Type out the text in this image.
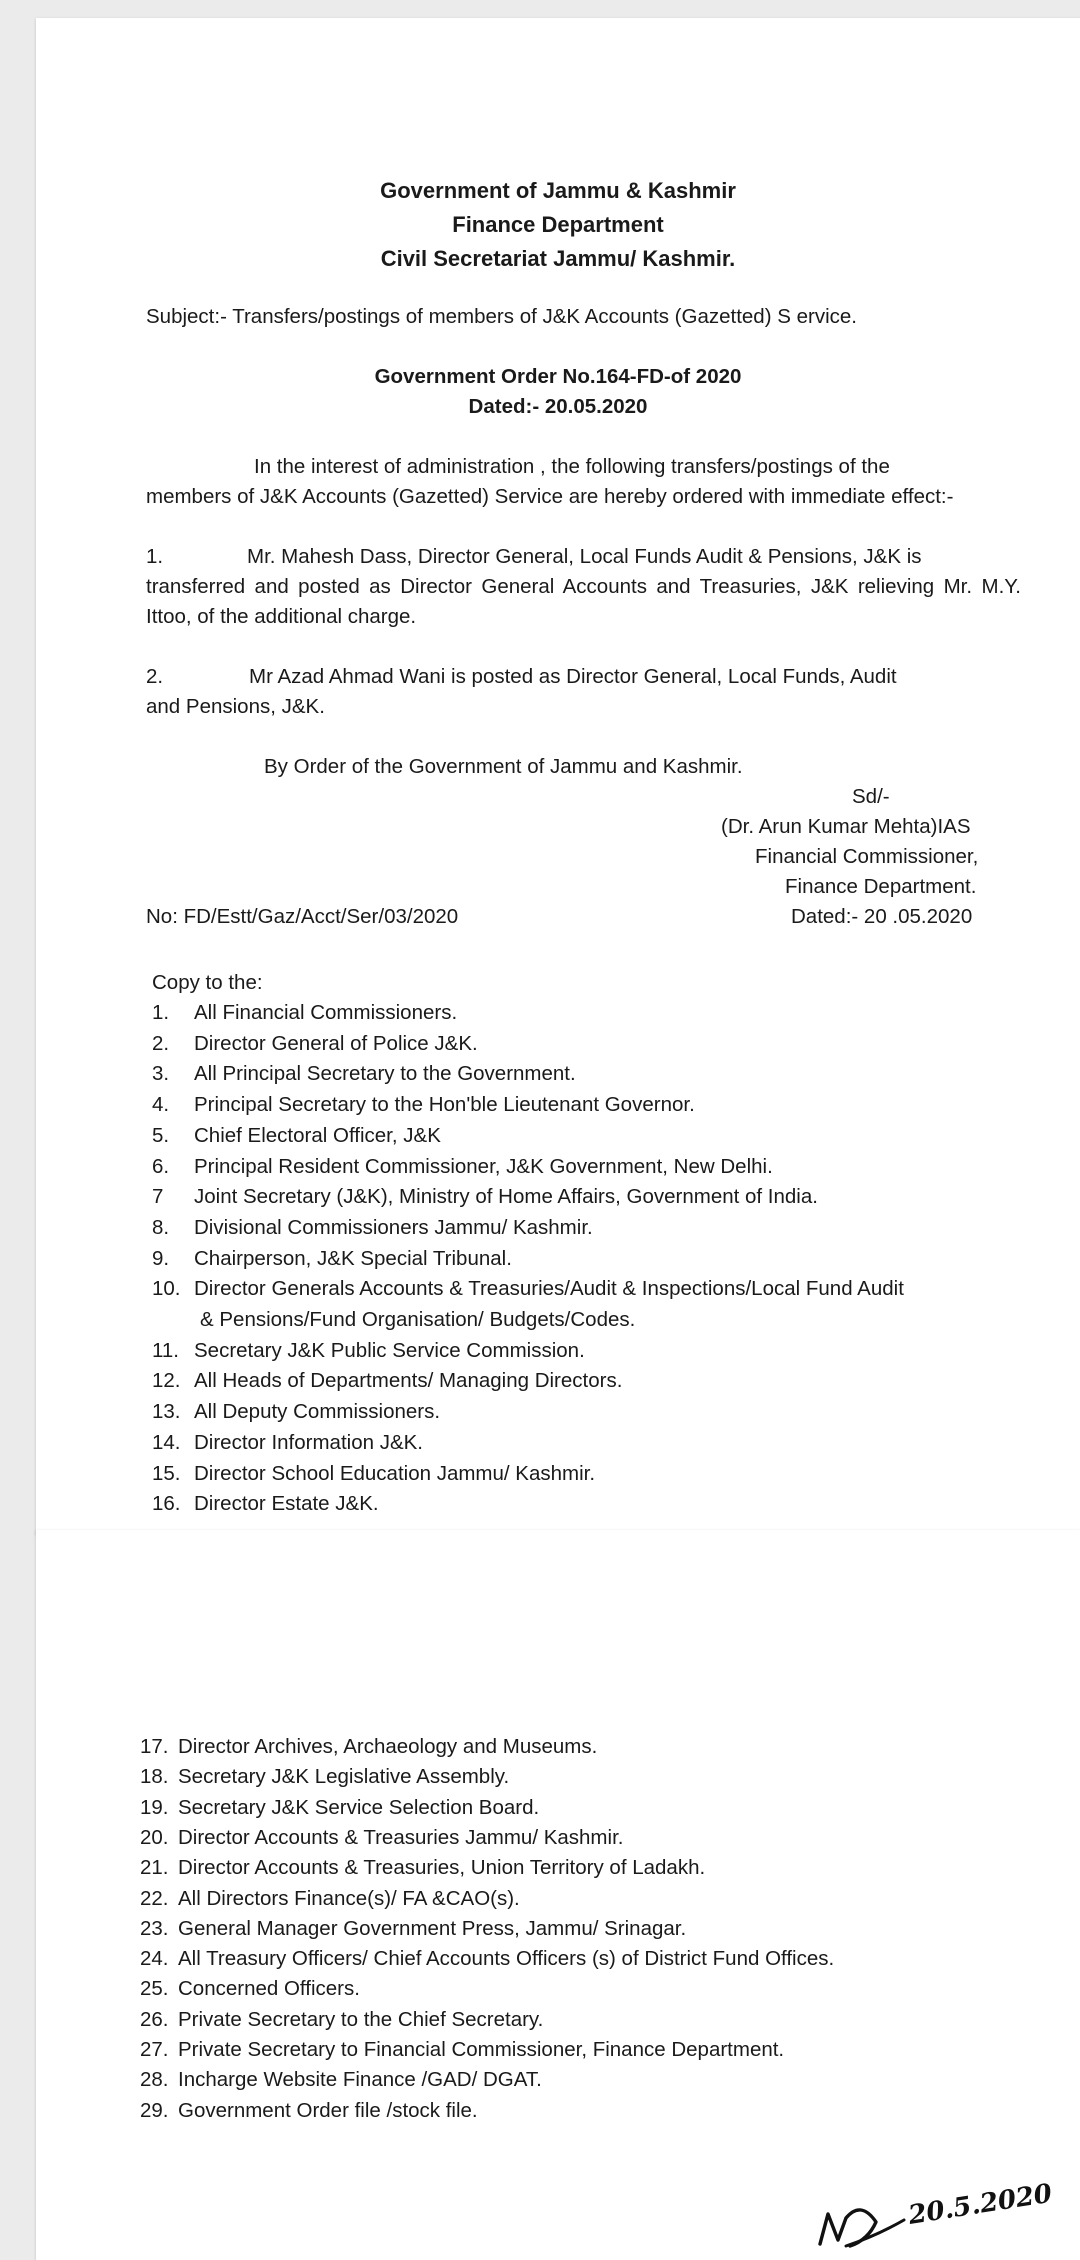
Government of Jammu & Kashmir
Finance Department
Civil Secretariat Jammu/ Kashmir.
Subject:- Transfers/postings of members of J&K Accounts (Gazetted) S ervice.
Government Order No.164-FD-of 2020
Dated:- 20.05.2020
In the interest of administration , the following transfers/postings of the
members of J&K Accounts (Gazetted) Service are hereby ordered with immediate effect:-
1.	Mr. Mahesh Dass, Director General, Local Funds Audit & Pensions, J&K is
transferred and posted as Director General Accounts and Treasuries, J&K relieving Mr. M.Y. Ittoo, of the additional charge.
2.	Mr Azad Ahmad Wani is posted as Director General, Local Funds, Audit
and Pensions, J&K.
By Order of the Government of Jammu and Kashmir.
Sd/-
(Dr. Arun Kumar Mehta)IAS
Financial Commissioner,
Finance Department.
No: FD/Estt/Gaz/Acct/Ser/03/2020	Dated:- 20 .05.2020
Copy to the:
1. All Financial Commissioners.
2. Director General of Police J&K.
3. All Principal Secretary to the Government.
4. Principal Secretary to the Hon'ble Lieutenant Governor.
5. Chief Electoral Officer, J&K
6. Principal Resident Commissioner, J&K Government, New Delhi.
7 Joint Secretary (J&K), Ministry of Home Affairs, Government of India.
8. Divisional Commissioners Jammu/ Kashmir.
9. Chairperson, J&K Special Tribunal.
10. Director Generals Accounts & Treasuries/Audit & Inspections/Local Fund Audit
& Pensions/Fund Organisation/ Budgets/Codes.
11. Secretary J&K Public Service Commission.
12. All Heads of Departments/ Managing Directors.
13. All Deputy Commissioners.
14. Director Information J&K.
15. Director School Education Jammu/ Kashmir.
16. Director Estate J&K.
17. Director Archives, Archaeology and Museums.
18. Secretary J&K Legislative Assembly.
19. Secretary J&K Service Selection Board.
20. Director Accounts & Treasuries Jammu/ Kashmir.
21. Director Accounts & Treasuries, Union Territory of Ladakh.
22. All Directors Finance(s)/ FA &CAO(s).
23. General Manager Government Press, Jammu/ Srinagar.
24. All Treasury Officers/ Chief Accounts Officers (s) of District Fund Offices.
25. Concerned Officers.
26. Private Secretary to the Chief Secretary.
27. Private Secretary to Financial Commissioner, Finance Department.
28. Incharge Website Finance /GAD/ DGAT.
29. Government Order file /stock file.
20.5.2020
